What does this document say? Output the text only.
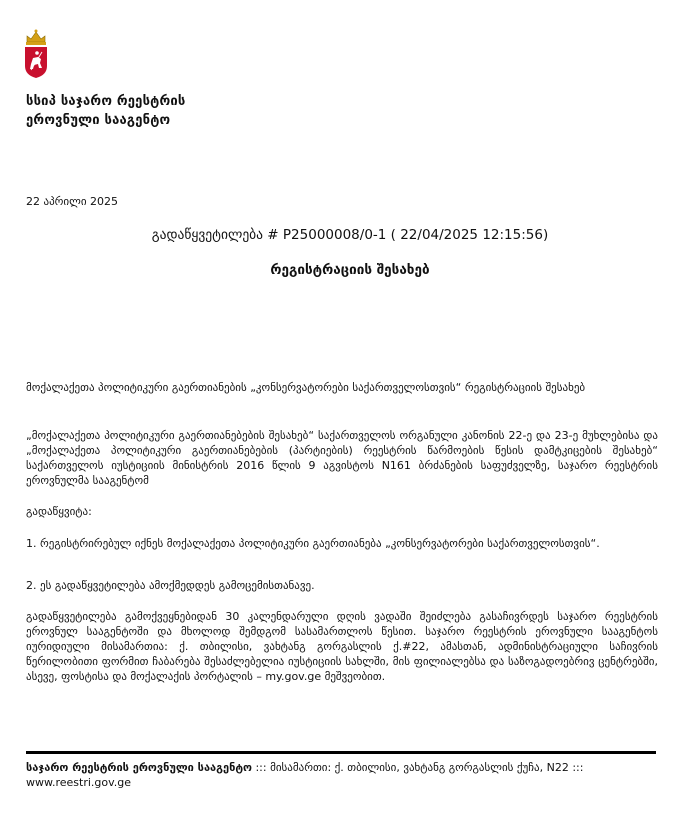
სსიპ საჯარო რეესტრის
ეროვნული სააგენტო
22 აპრილი 2025
გადაწყვეტილება # P25000008/0-1 ( 22/04/2025 12:15:56)
რეგისტრაციის შესახებ
მოქალაქეთა პოლიტიკური გაერთიანების „კონსერვატორები საქართველოსთვის“ რეგისტრაციის შესახებ
„მოქალაქეთა პოლიტიკური გაერთიანებების შესახებ“ საქართველოს ორგანული კანონის 22-ე და 23-ე მუხლებისა და „მოქალაქეთა პოლიტიკური გაერთიანებების (პარტიების) რეესტრის წარმოების წესის დამტკიცების შესახებ“ საქართველოს იუსტიციის მინისტრის 2016 წლის 9 აგვისტოს N161 ბრძანების საფუძველზე, საჯარო რეესტრის ეროვნულმა სააგენტომ
გადაწყვიტა:
1. რეგისტრირებულ იქნეს მოქალაქეთა პოლიტიკური გაერთიანება „კონსერვატორები საქართველოსთვის“.
2. ეს გადაწყვეტილება ამოქმედდეს გამოცემისთანავე.
გადაწყვეტილება გამოქვეყნებიდან 30 კალენდარული დღის ვადაში შეიძლება გასაჩივრდეს საჯარო რეესტრის ეროვნულ სააგენტოში და მხოლოდ შემდგომ სასამართლოს წესით. საჯარო რეესტრის ეროვნული სააგენტოს იურიდიული მისამართია: ქ. თბილისი, ვახტანგ გორგასლის ქ.#22, ამასთან, ადმინისტრაციული საჩივრის წერილობითი ფორმით ჩაბარება შესაძლებელია იუსტიციის სახლში, მის ფილიალებსა და საზოგადოებრივ ცენტრებში, ასევე, ფოსტისა და მოქალაქის პორტალის – my.gov.ge მეშვეობით.
საჯარო რეესტრის ეროვნული სააგენტო ::: მისამართი: ქ. თბილისი, ვახტანგ გორგასლის ქუჩა, N22 :::
www.reestri.gov.ge
